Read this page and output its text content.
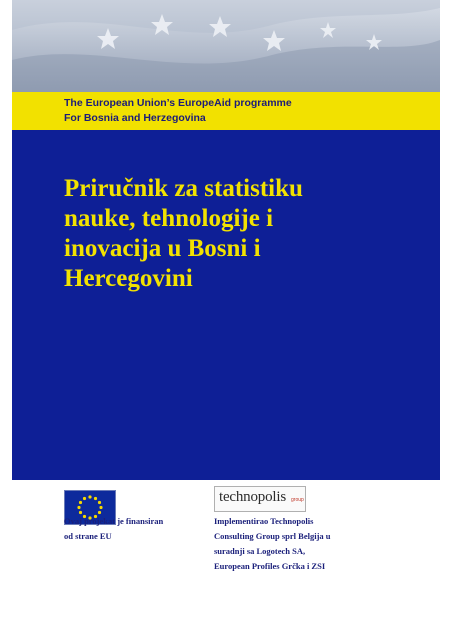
The European Union’s EuropeAid programme
For Bosnia and Herzegovina
Priručnik za statistiku
nauke, tehnologije i
inovacija u Bosni i
Hercegovini
technopolis group
Ovaj projekat je finansiran
od strane EU
Implementirao Technopolis
Consulting Group sprl Belgija u
suradnji sa Logotech SA,
European Profiles Grčka i ZSI
